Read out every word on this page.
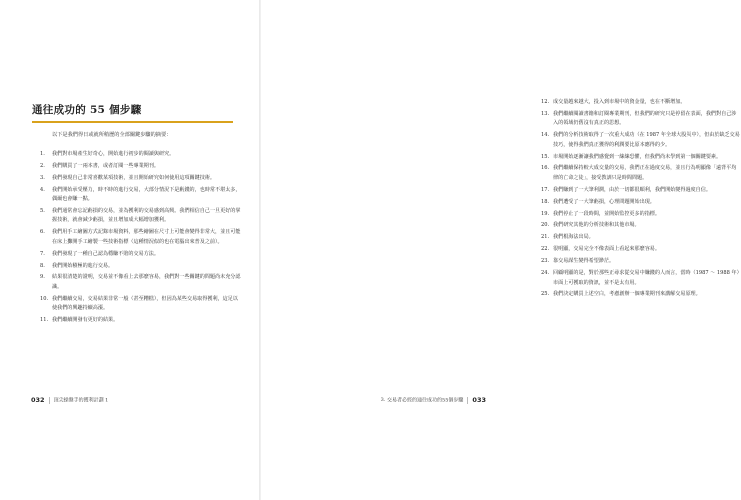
通往成功的 55 個步驟
以下是我們得日或就所稍歷的全部關鍵步驟的摘要：
1. 我們對市場產生好奇心，開始進行初步的閱讀與研究。
2. 我們購買了一兩本書，或者訂閱一些專業期刊。
3. 我們發現自己非常喜歡某項技術，並且開始研究如何使用這項關鍵技術。
4. 我們開始承受壓力，時不時的進行交易，大部分情況下是虧錢的，也時常不堪太多，偶爾也會賺一點。
5. 我們通常會忘記虧損的交易，並為獲利的交易感到高興。我們相信自己一旦更好的掌握技術，就會減少虧損，並且增加成大幅增加獲利。
6. 我們用手工繪圖方式記錄市場資料，那些繪圖在尺寸上可能會變得非常大，並且可能在床上攤開手工繪製一些技術指標（這種情況似的也在電腦出來普及之前）。
7. 我們發現了一種自己認為穩賺不賠的交易方法。
8. 我們開始積極的進行交易。
9. 結果很清楚的證明，交易並不像看上去那麼容易，我們對一些關鍵的問題尚未充分認識。
10. 我們繼續交易，交易結果非常一般（甚至糟糕），但因為某些交易取得獲利，這足以使我們的興趣持續高漲。
11. 我們繼續開發有更好的結果。
032 頂尖操盤手的獲利計劃 1
12. 成交量越來越大，投入到市場中的資金量，也在不斷增加。
13. 我們繼續閱讀書籍和訂閱專業期刊，但我們的研究只是停留在表面，我們對自己涉入的領域仍舊沒有真正的思想。
14. 我們的分析技術取得了一次重大成功（在 1987 年全球大股災中），但由於缺乏交易技巧，使得我們真正獲得的利潤要比原本應得的少。
15. 市場開始逐漸讓我們感覺到一絲絲恐懼，但我們尚未學到第一個關鍵要素。
16. 我們繼續保持較大成交量的交易，我們正在過度交易，並且行為明顯像「遠背平均律的亡命之徒」，接受教訓只是時間問題。
17. 我們賺到了一大筆利潤，由於一切都很順利，我們開始變得過度自信。
18. 我們遭受了一大筆虧損，心理問題開始出現。
19. 我們停止了一段時間，並開始監控更多的指標。
20. 我們研究其他的分析技術和其他市場。
21. 我們根海法出局。
22. 很明顯，交易完全不像表面上看起來那麼容易。
23. 靠交易謀生變得希望渺茫。
24. 回顧明顯的是，對於那些正尋求從交易中賺錢的人而言，當時（1987 ～ 1988 年）市面上可獲取的資訊，並不是太有用。
25. 我們決定購買上述空白，考慮創辦一個專業期刊來講解交易原理。
3. 交易者必經的通往成功的55個步驟 033
